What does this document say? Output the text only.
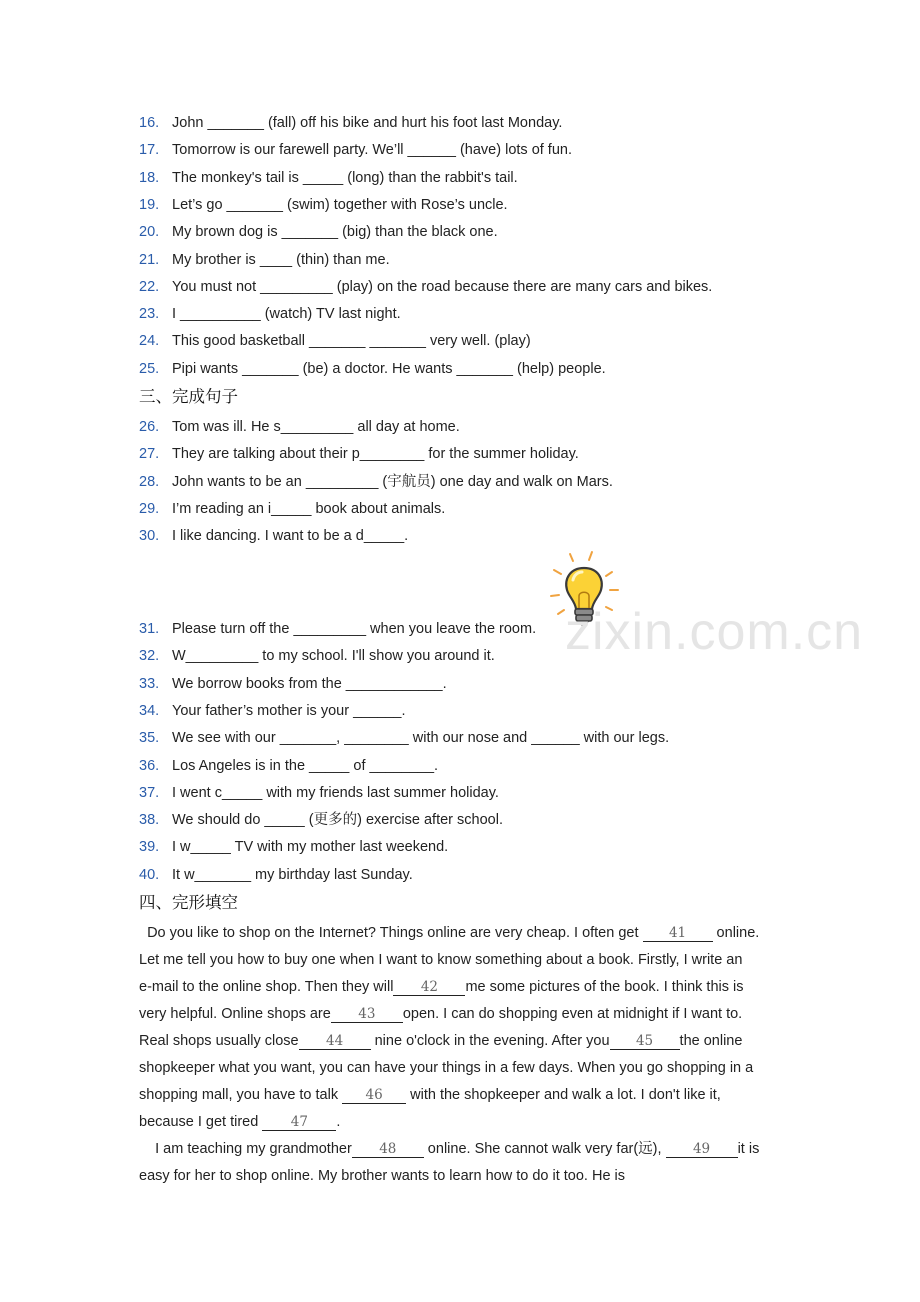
16. John _______ (fall) off his bike and hurt his foot last Monday.
17. Tomorrow is our farewell party. We’ll ______ (have) lots of fun.
18. The monkey's tail is _____ (long) than the rabbit's tail.
19. Let’s go _______ (swim) together with Rose’s uncle.
20. My brown dog is _______ (big) than the black one.
21. My brother is ____ (thin) than me.
22. You must not _________ (play) on the road because there are many cars and bikes.
23. I __________ (watch) TV last night.
24. This good basketball _______ _______ very well. (play)
25. Pipi wants _______ (be) a doctor. He wants _______ (help) people.
三、完成句子
26. Tom was ill. He s_________ all day at home.
27. They are talking about their p________ for the summer holiday.
28. John wants to be an _________ (宇航员) one day and walk on Mars.
29. I’m reading an i_____ book about animals.
30. I like dancing. I want to be a d_____.
zixin.com.cn
31. Please turn off the _________ when you leave the room.
32. W_________ to my school. I'll show you around it.
33. We borrow books from the ____________.
34. Your father’s mother is your ______.
35. We see with our _______, ________ with our nose and ______ with our legs.
36. Los Angeles is in the _____ of ________.
37. I went c_____ with my friends last summer holiday.
38. We should do _____ (更多的) exercise after school.
39. I w_____ TV with my mother last weekend.
40. It w_______ my birthday last Sunday.
四、完形填空
Do you like to shop on the Internet? Things online are very cheap. I often get 41 online.
Let me tell you how to buy one when I want to know something about a book. Firstly, I write an
e-mail to the online shop. Then they will 42 me some pictures of the book. I think this is
very helpful. Online shops are 43 open. I can do shopping even at midnight if I want to.
Real shops usually close 44 nine o'clock in the evening. After you 45 the online
shopkeeper what you want, you can have your things in a few days. When you go shopping in a
shopping mall, you have to talk 46 with the shopkeeper and walk a lot. I don't like it,
because I get tired 47 .
I am teaching my grandmother 48 online. She cannot walk very far(远), 49 it is
easy for her to shop online. My brother wants to learn how to do it too. He is
